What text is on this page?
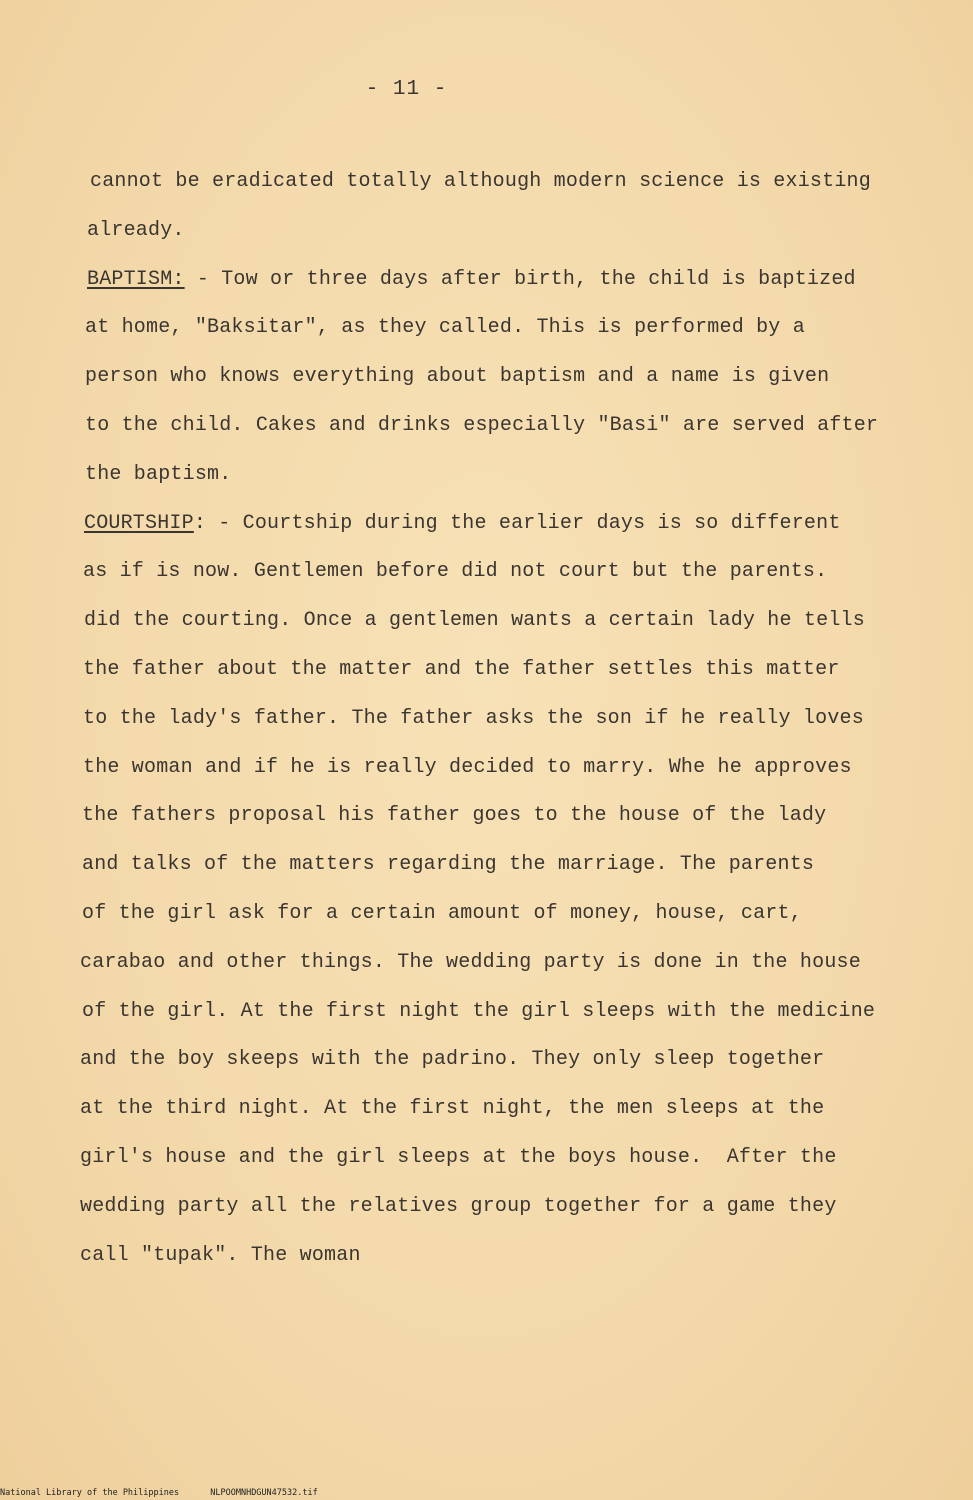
- 11 -
cannot be eradicated totally although modern science is existing
already.
BAPTISM: - Tow or three days after birth, the child is baptized
at home, "Baksitar", as they called. This is performed by a
person who knows everything about baptism and a name is given
to the child. Cakes and drinks especially "Basi" are served after
the baptism.
COURTSHIP: - Courtship during the earlier days is so different
as if is now. Gentlemen before did not court but the parents.
did the courting. Once a gentlemen wants a certain lady he tells
the father about the matter and the father settles this matter
to the lady's father. The father asks the son if he really loves
the woman and if he is really decided to marry. Whe he approves
the fathers proposal his father goes to the house of the lady
and talks of the matters regarding the marriage. The parents
of the girl ask for a certain amount of money, house, cart,
carabao and other things. The wedding party is done in the house
of the girl. At the first night the girl sleeps with the medicine
and the boy skeeps with the padrino. They only sleep together
at the third night. At the first night, the men sleeps at the
girl's house and the girl sleeps at the boys house.  After the
wedding party all the relatives group together for a game they
call "tupak". The woman
National Library of the Philippines	NLPOOMNHDGUN47532.tif
